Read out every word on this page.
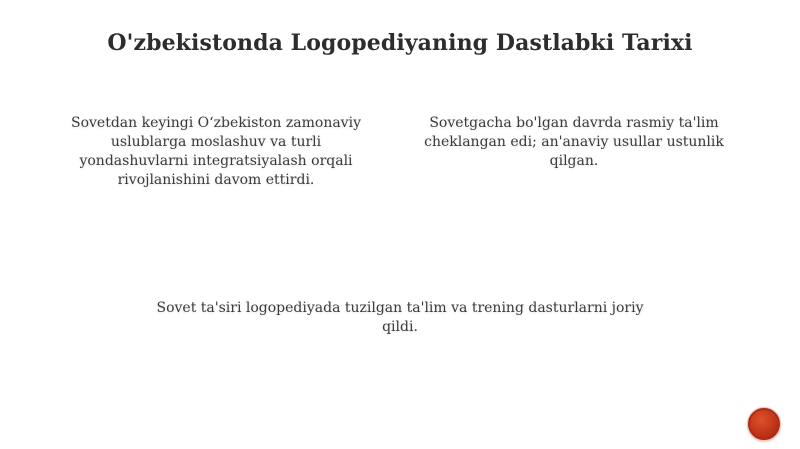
O'zbekistonda Logopediyaning Dastlabki Tarixi
Sovetdan keyingi O‘zbekiston zamonaviy uslublarga moslashuv va turli yondashuvlarni integratsiyalash orqali rivojlanishini davom ettirdi.
Sovetgacha bo'lgan davrda rasmiy ta'lim cheklangan edi; an'anaviy usullar ustunlik qilgan.
Sovet ta'siri logopediyada tuzilgan ta'lim va trening dasturlarni joriy qildi.
